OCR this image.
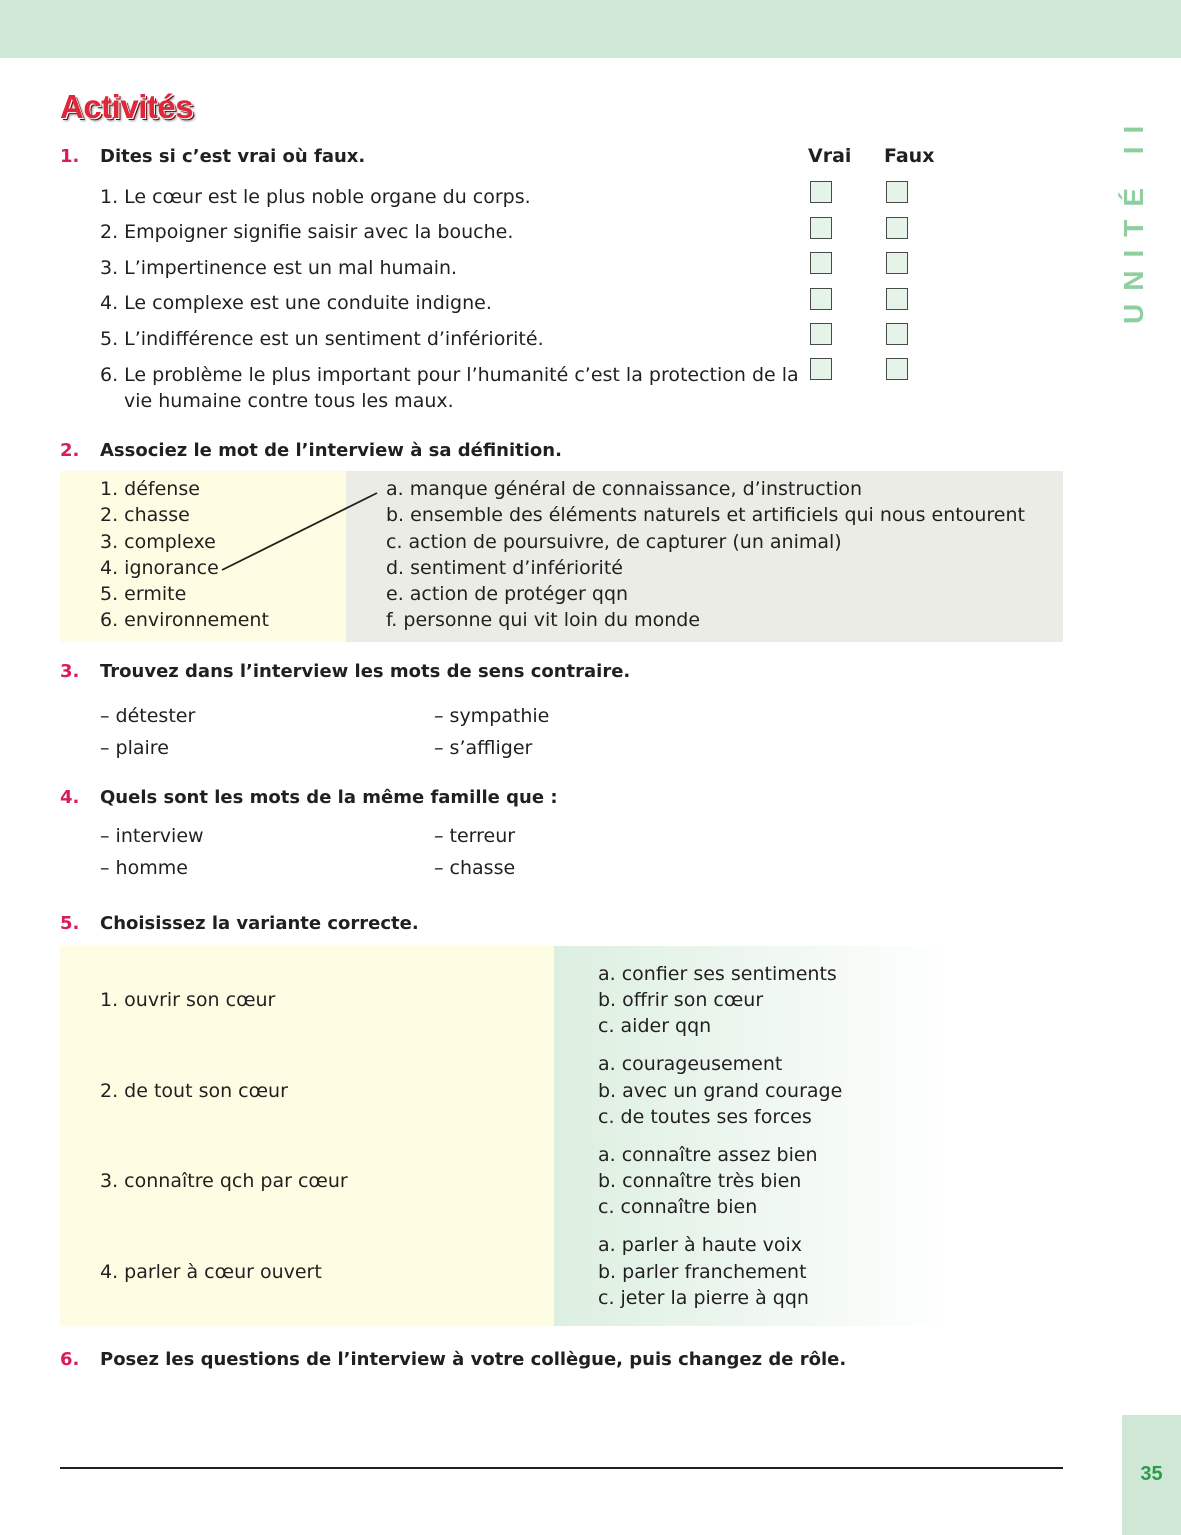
UNITÉ II
Activités
1. Dites si c’est vrai où faux.	Vrai Faux
1. Le cœur est le plus noble organe du corps.
2. Empoigner signifie saisir avec la bouche.
3. L’impertinence est un mal humain.
4. Le complexe est une conduite indigne.
5. L’indifférence est un sentiment d’infériorité.
6. Le problème le plus important pour l’humanité c’est la protection de la
vie humaine contre tous les maux.
2. Associez le mot de l’interview à sa définition.
1. défense
2. chasse
3. complexe
4. ignorance
5. ermite
6. environnement
a. manque général de connaissance, d’instruction
b. ensemble des éléments naturels et artificiels qui nous entourent
c. action de poursuivre, de capturer (un animal)
d. sentiment d’infériorité
e. action de protéger qqn
f. personne qui vit loin du monde
3. Trouvez dans l’interview les mots de sens contraire.
– détester
– plaire
– sympathie
– s’affliger
4. Quels sont les mots de la même famille que :
– interview
– homme
– terreur
– chasse
5. Choisissez la variante correcte.
1. ouvrir son cœur
a. confier ses sentiments
b. offrir son cœur
c. aider qqn
2. de tout son cœur
a. courageusement
b. avec un grand courage
c. de toutes ses forces
3. connaître qch par cœur
a. connaître assez bien
b. connaître très bien
c. connaître bien
4. parler à cœur ouvert
a. parler à haute voix
b. parler franchement
c. jeter la pierre à qqn
6. Posez les questions de l’interview à votre collègue, puis changez de rôle.
35
